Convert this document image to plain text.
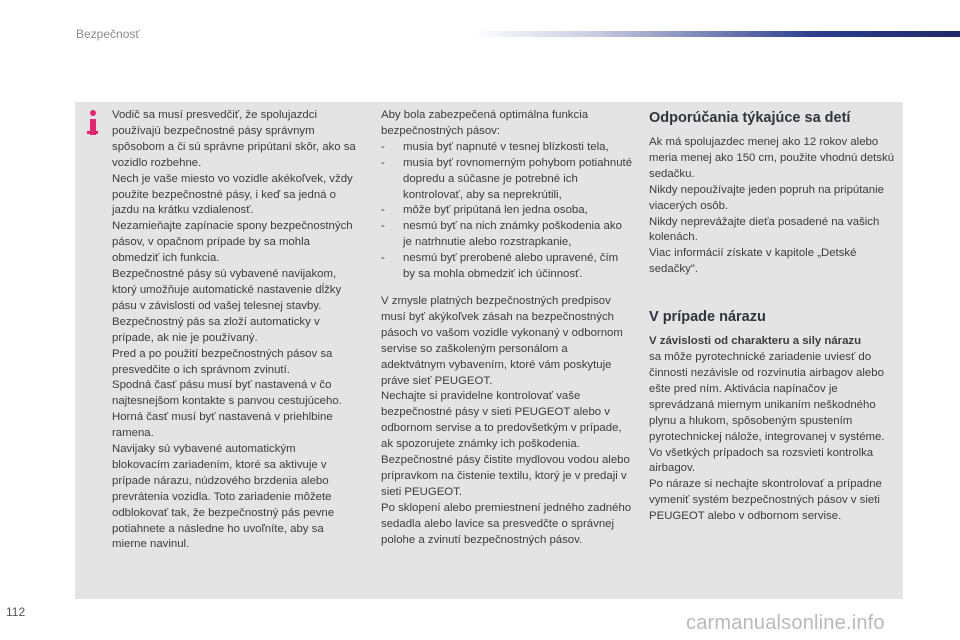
Bezpečnosť

Vodič sa musí presvedčiť, že spolujazdci používajú bezpečnostné pásy správnym spôsobom a či sú správne pripútaní skôr, ako sa vozidlo rozbehne.

Nech je vaše miesto vo vozidle akékoľvek, vždy použite bezpečnostné pásy, i keď sa jedná o jazdu na krátku vzdialenosť.

Nezamieňajte zapínacie spony bezpečnostných pásov, v opačnom prípade by sa mohla obmedziť ich funkcia.

Bezpečnostné pásy sú vybavené navijakom, ktorý umožňuje automatické nastavenie dĺžky pásu v závislosti od vašej telesnej stavby. Bezpečnostný pás sa zloží automaticky v prípade, ak nie je používaný.

Pred a po použití bezpečnostných pásov sa presvedčite o ich správnom zvinutí.

Spodná časť pásu musí byť nastavená v čo najtesnejšom kontakte s panvou cestujúceho.

Horná časť musí byť nastavená v priehlbine ramena.

Navijaky sú vybavené automatickým blokovacím zariadením, ktoré sa aktivuje v prípade nárazu, núdzového brzdenia alebo prevrátenia vozidla. Toto zariadenie môžete odblokovať tak, že bezpečnostný pás pevne potiahnete a následne ho uvoľníte, aby sa mierne navinul.

Aby bola zabezpečená optimálna funkcia bezpečnostných pásov:

- musia byť napnuté v tesnej blízkosti tela,
- musia byť rovnomerným pohybom potiahnuté dopredu a súčasne je potrebné ich kontrolovať, aby sa neprekrútili,
- môže byť pripútaná len jedna osoba,
- nesmú byť na nich známky poškodenia ako je natrhnutie alebo rozstrapkanie,
- nesmú byť prerobené alebo upravené, čím by sa mohla obmedziť ich účinnosť.

V zmysle platných bezpečnostných predpisov musí byť akýkoľvek zásah na bezpečnostných pásoch vo vašom vozidle vykonaný v odbornom servise so zaškoleným personálom a adektvátnym vybavením, ktoré vám poskytuje práve sieť PEUGEOT.

Nechajte si pravidelne kontrolovať vaše bezpečnostné pásy v sieti PEUGEOT alebo v odbornom servise a to predovšetkým v prípade, ak spozorujete známky ich poškodenia.

Bezpečnostné pásy čistite mydlovou vodou alebo prípravkom na čistenie textilu, ktorý je v predaji v sieti PEUGEOT.

Po sklopení alebo premiestnení jedného zadného sedadla alebo lavice sa presvedčte o správnej polohe a zvinutí bezpečnostných pásov.

Odporúčania týkajúce sa detí

Ak má spolujazdec menej ako 12 rokov alebo meria menej ako 150 cm, použite vhodnú detskú sedačku.

Nikdy nepoužívajte jeden popruh na pripútanie viacerých osôb.

Nikdy neprevážajte dieťa posadené na vašich kolenách.

Viac informácií získate v kapitole „Detské sedačky".

V prípade nárazu

V závislosti od charakteru a sily nárazu
sa môže pyrotechnické zariadenie uviesť do činnosti nezávisle od rozvinutia airbagov alebo ešte pred ním. Aktivácia napínačov je sprevádzaná miernym unikaním neškodného plynu a hlukom, spôsobeným spustením pyrotechnickej nálože, integrovanej v systéme.

Vo všetkých prípadoch sa rozsvieti kontrolka airbagov.

Po náraze si nechajte skontrolovať a prípadne vymeniť systém bezpečnostných pásov v sieti PEUGEOT alebo v odbornom servise.

112	carmanualsonline.info
